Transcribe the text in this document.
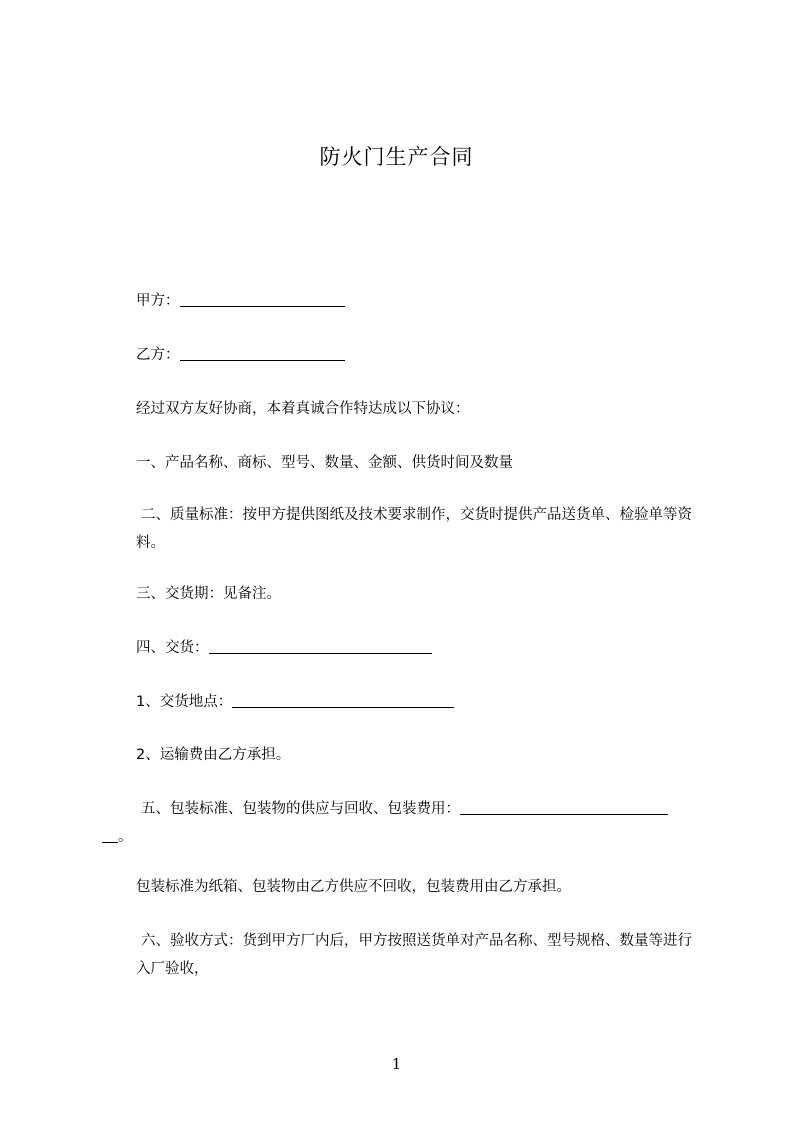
防火门生产合同
甲方：
乙方：
经过双方友好协商，本着真诚合作特达成以下协议：
一、产品名称、商标、型号、数量、金额、供货时间及数量
二、质量标准：按甲方提供图纸及技术要求制作，交货时提供产品送货单、检验单等资料。
三、交货期：见备注。
四、交货：
1、交货地点：
2、运输费由乙方承担。
五、包装标准、包装物的供应与回收、包装费用：
。
包装标准为纸箱、包装物由乙方供应不回收，包装费用由乙方承担。
六、验收方式：货到甲方厂内后，甲方按照送货单对产品名称、型号规格、数量等进行入厂验收，
1
